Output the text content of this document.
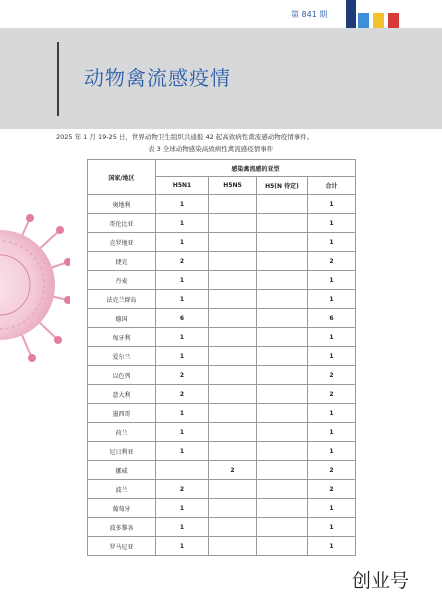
第 841 期
动物禽流感疫情
2025 年 1 月 19-25 日，世界动物卫生组织共通报 42 起高致病性禽流感动物疫情事件。
表 3 全球动物感染高致病性禽流感疫情事件
国家/地区	感染禽流感的亚型			
	H5N1	H5N5	H5(N 待定)	合计
奥地利	1			1
哥伦比亚	1			1
克罗地亚	1			1
捷克	2			2
丹麦	1			1
法克兰群岛	1			1
德国	6			6
匈牙利	1			1
爱尔兰	1			1
以色列	2			2
意大利	2			2
墨西哥	1			1
荷兰	1			1
尼日利亚	1			1
挪威		2		2
波兰	2			2
葡萄牙	1			1
波多黎各	1			1
罗马尼亚	1			1
创业号
